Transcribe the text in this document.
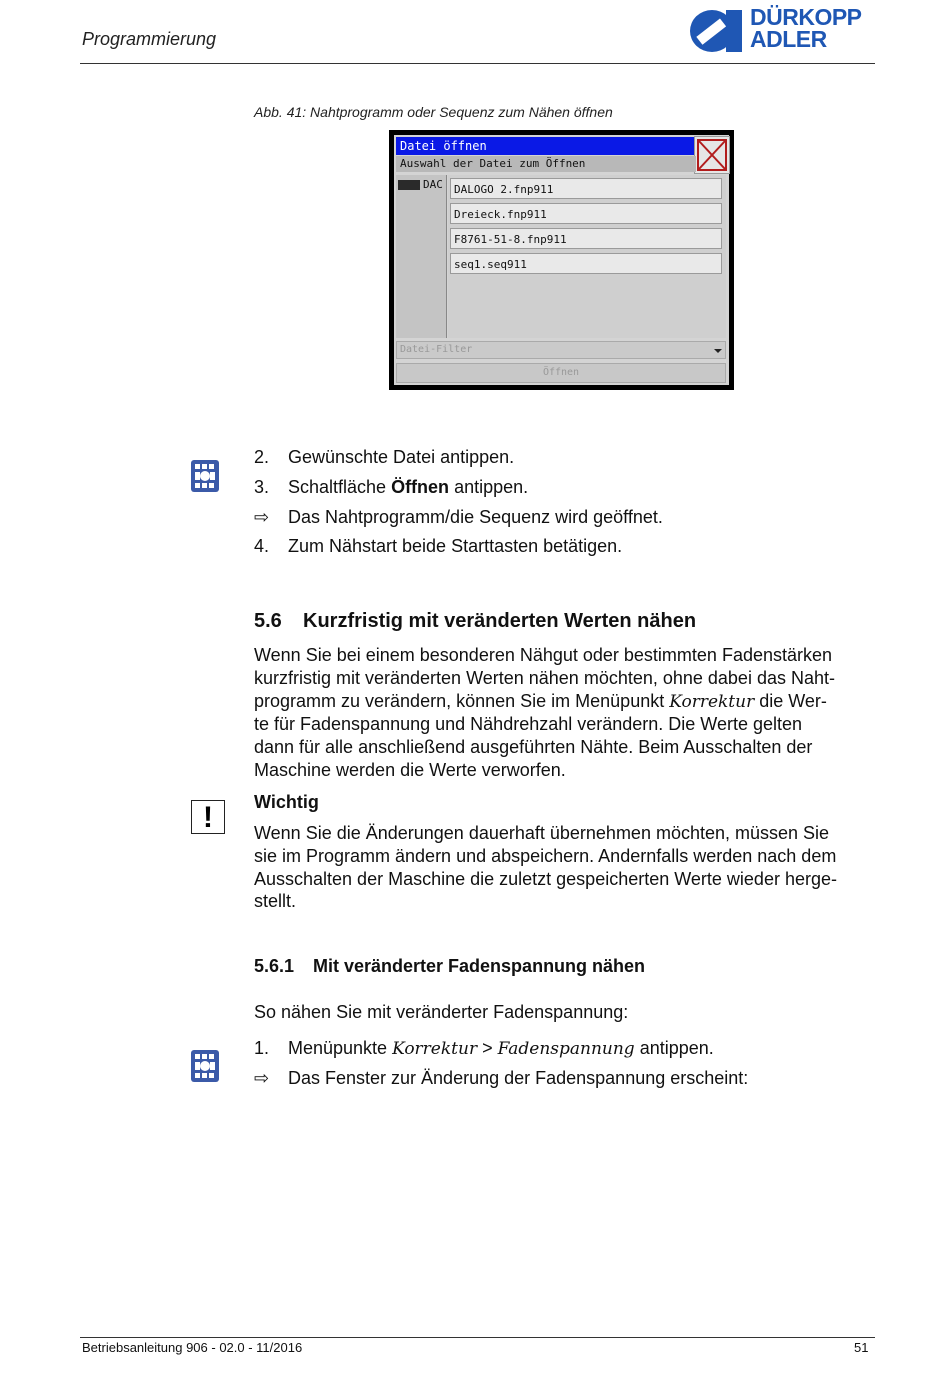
Programmierung
DÜRKOPP
ADLER
Abb. 41: Nahtprogramm oder Sequenz zum Nähen öffnen
Datei öffnen
Auswahl der Datei zum Öffnen
DAC	DALOGO 2.fnp911
Dreieck.fnp911
F8761-51-8.fnp911
seq1.seq911
Datei-Filter
Öffnen
2. Gewünschte Datei antippen.
3. Schaltfläche Öffnen antippen.
⇨ Das Nahtprogramm/die Sequenz wird geöffnet.
4. Zum Nähstart beide Starttasten betätigen.
5.6 Kurzfristig mit veränderten Werten nähen
Wenn Sie bei einem besonderen Nähgut oder bestimmten Fadenstärken
kurzfristig mit veränderten Werten nähen möchten, ohne dabei das Naht-
programm zu verändern, können Sie im Menüpunkt Korrektur die Wer-
te für Fadenspannung und Nähdrehzahl verändern. Die Werte gelten
dann für alle anschließend ausgeführten Nähte. Beim Ausschalten der
Maschine werden die Werte verworfen.
!	Wichtig
Wenn Sie die Änderungen dauerhaft übernehmen möchten, müssen Sie
sie im Programm ändern und abspeichern. Andernfalls werden nach dem
Ausschalten der Maschine die zuletzt gespeicherten Werte wieder herge-
stellt.
5.6.1 Mit veränderter Fadenspannung nähen
So nähen Sie mit veränderter Fadenspannung:
1. Menüpunkte Korrektur > Fadenspannung antippen.
⇨ Das Fenster zur Änderung der Fadenspannung erscheint:
Betriebsanleitung 906 - 02.0 - 11/2016	51
